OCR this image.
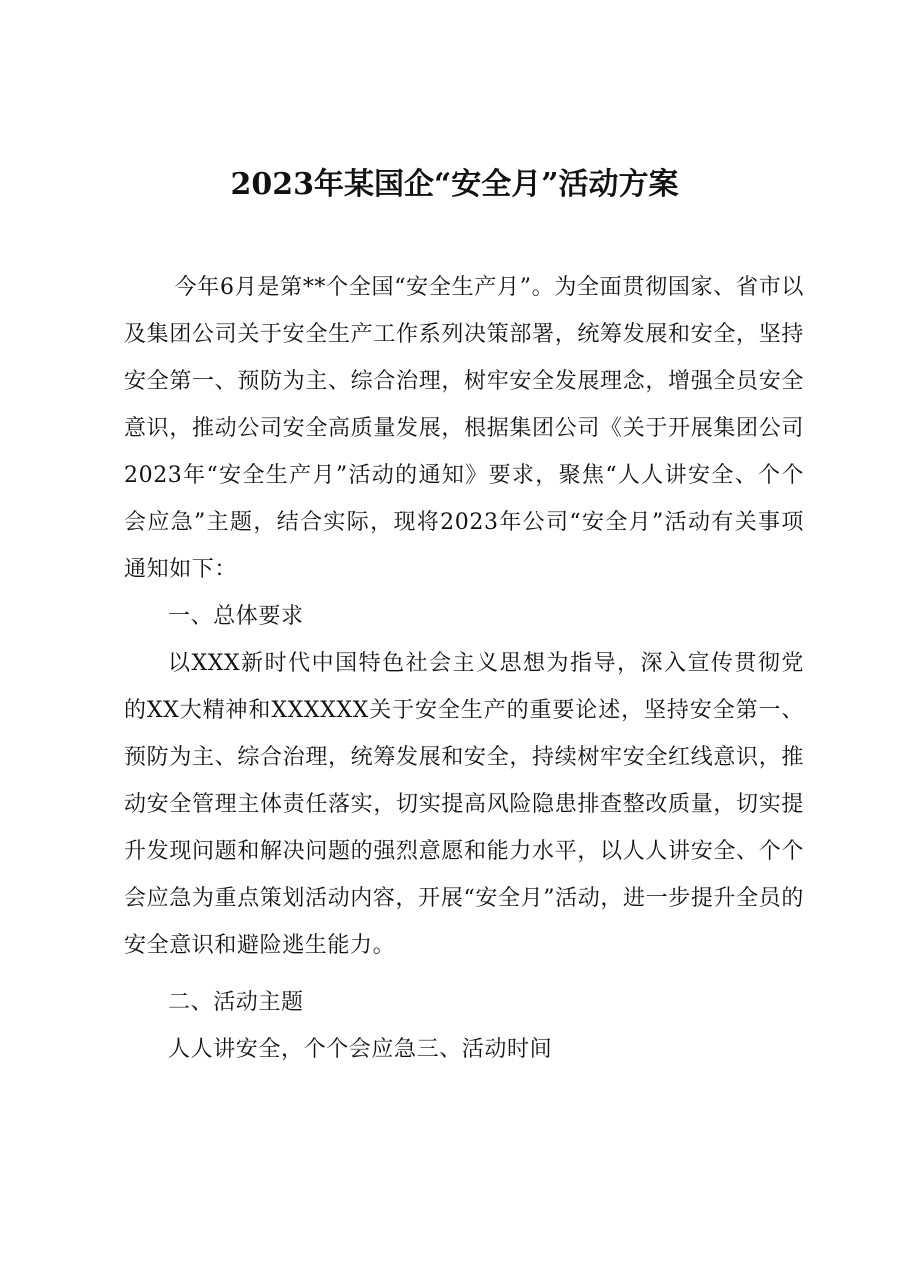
2023年某国企“安全月”活动方案

今年6月是第**个全国“安全生产月”。为全面贯彻国家、省市以及集团公司关于安全生产工作系列决策部署，统筹发展和安全，坚持安全第一、预防为主、综合治理，树牢安全发展理念，增强全员安全意识，推动公司安全高质量发展，根据集团公司《关于开展集团公司2023年“安全生产月”活动的通知》要求，聚焦“人人讲安全、个个会应急”主题，结合实际，现将2023年公司“安全月”活动有关事项通知如下：

一、总体要求

以XXX新时代中国特色社会主义思想为指导，深入宣传贯彻党的XX大精神和XXXXXX关于安全生产的重要论述，坚持安全第一、预防为主、综合治理，统筹发展和安全，持续树牢安全红线意识，推动安全管理主体责任落实，切实提高风险隐患排查整改质量，切实提升发现问题和解决问题的强烈意愿和能力水平，以人人讲安全、个个会应急为重点策划活动内容，开展“安全月”活动，进一步提升全员的安全意识和避险逃生能力。

二、活动主题

人人讲安全，个个会应急三、活动时间
